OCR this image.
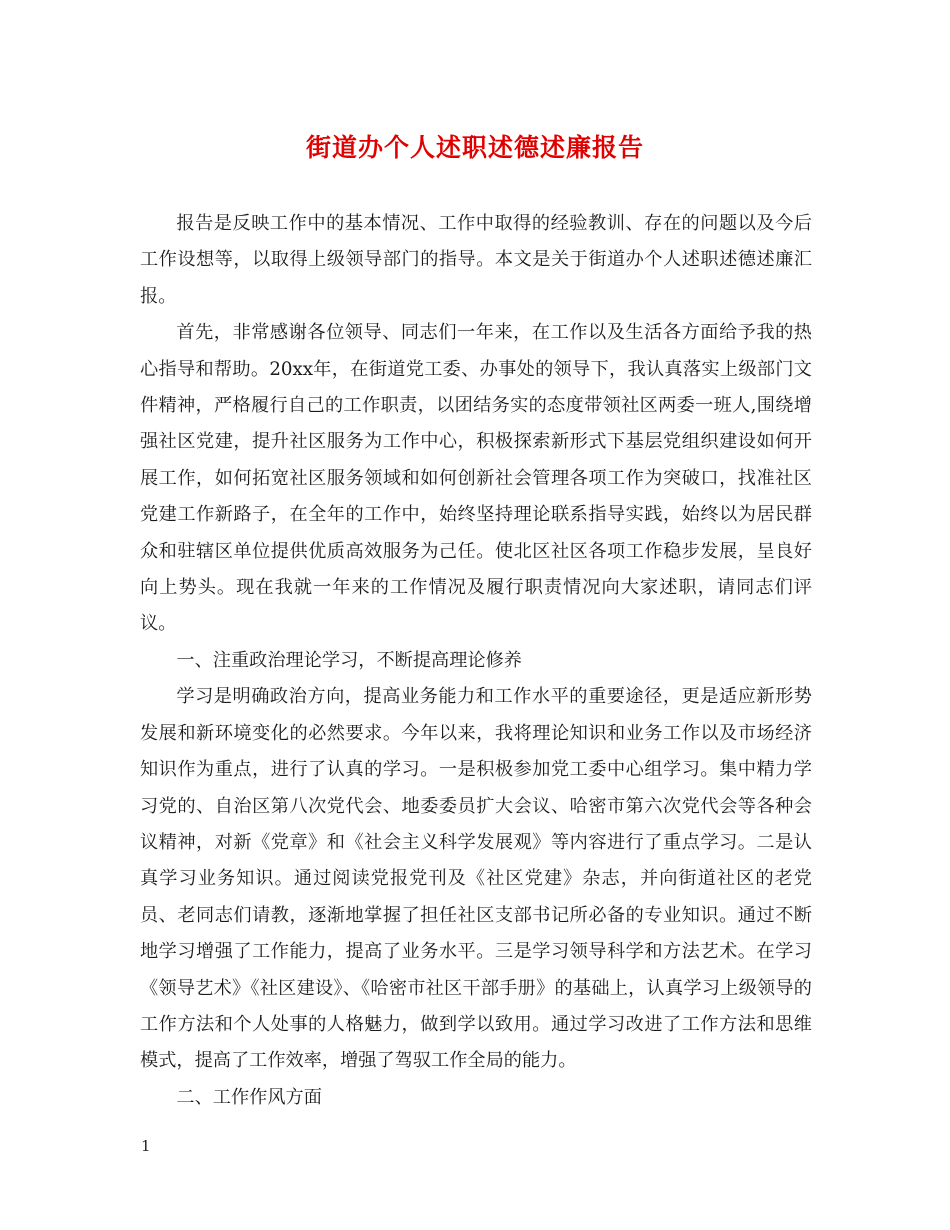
街道办个人述职述德述廉报告

报告是反映工作中的基本情况、工作中取得的经验教训、存在的问题以及今后工作设想等，以取得上级领导部门的指导。本文是关于街道办个人述职述德述廉汇报。

首先，非常感谢各位领导、同志们一年来，在工作以及生活各方面给予我的热心指导和帮助。20xx年，在街道党工委、办事处的领导下，我认真落实上级部门文件精神，严格履行自己的工作职责，以团结务实的态度带领社区两委一班人,围绕增强社区党建，提升社区服务为工作中心，积极探索新形式下基层党组织建设如何开展工作，如何拓宽社区服务领域和如何创新社会管理各项工作为突破口，找准社区党建工作新路子，在全年的工作中，始终坚持理论联系指导实践，始终以为居民群众和驻辖区单位提供优质高效服务为己任。使北区社区各项工作稳步发展，呈良好向上势头。现在我就一年来的工作情况及履行职责情况向大家述职，请同志们评议。

一、注重政治理论学习，不断提高理论修养

学习是明确政治方向，提高业务能力和工作水平的重要途径，更是适应新形势发展和新环境变化的必然要求。今年以来，我将理论知识和业务工作以及市场经济知识作为重点，进行了认真的学习。一是积极参加党工委中心组学习。集中精力学习党的、自治区第八次党代会、地委委员扩大会议、哈密市第六次党代会等各种会议精神，对新《党章》和《社会主义科学发展观》等内容进行了重点学习。二是认真学习业务知识。通过阅读党报党刊及《社区党建》杂志，并向街道社区的老党员、老同志们请教，逐渐地掌握了担任社区支部书记所必备的专业知识。通过不断地学习增强了工作能力，提高了业务水平。三是学习领导科学和方法艺术。在学习《领导艺术》《社区建设》、《哈密市社区干部手册》的基础上，认真学习上级领导的工作方法和个人处事的人格魅力，做到学以致用。通过学习改进了工作方法和思维模式，提高了工作效率，增强了驾驭工作全局的能力。

二、工作作风方面

1
